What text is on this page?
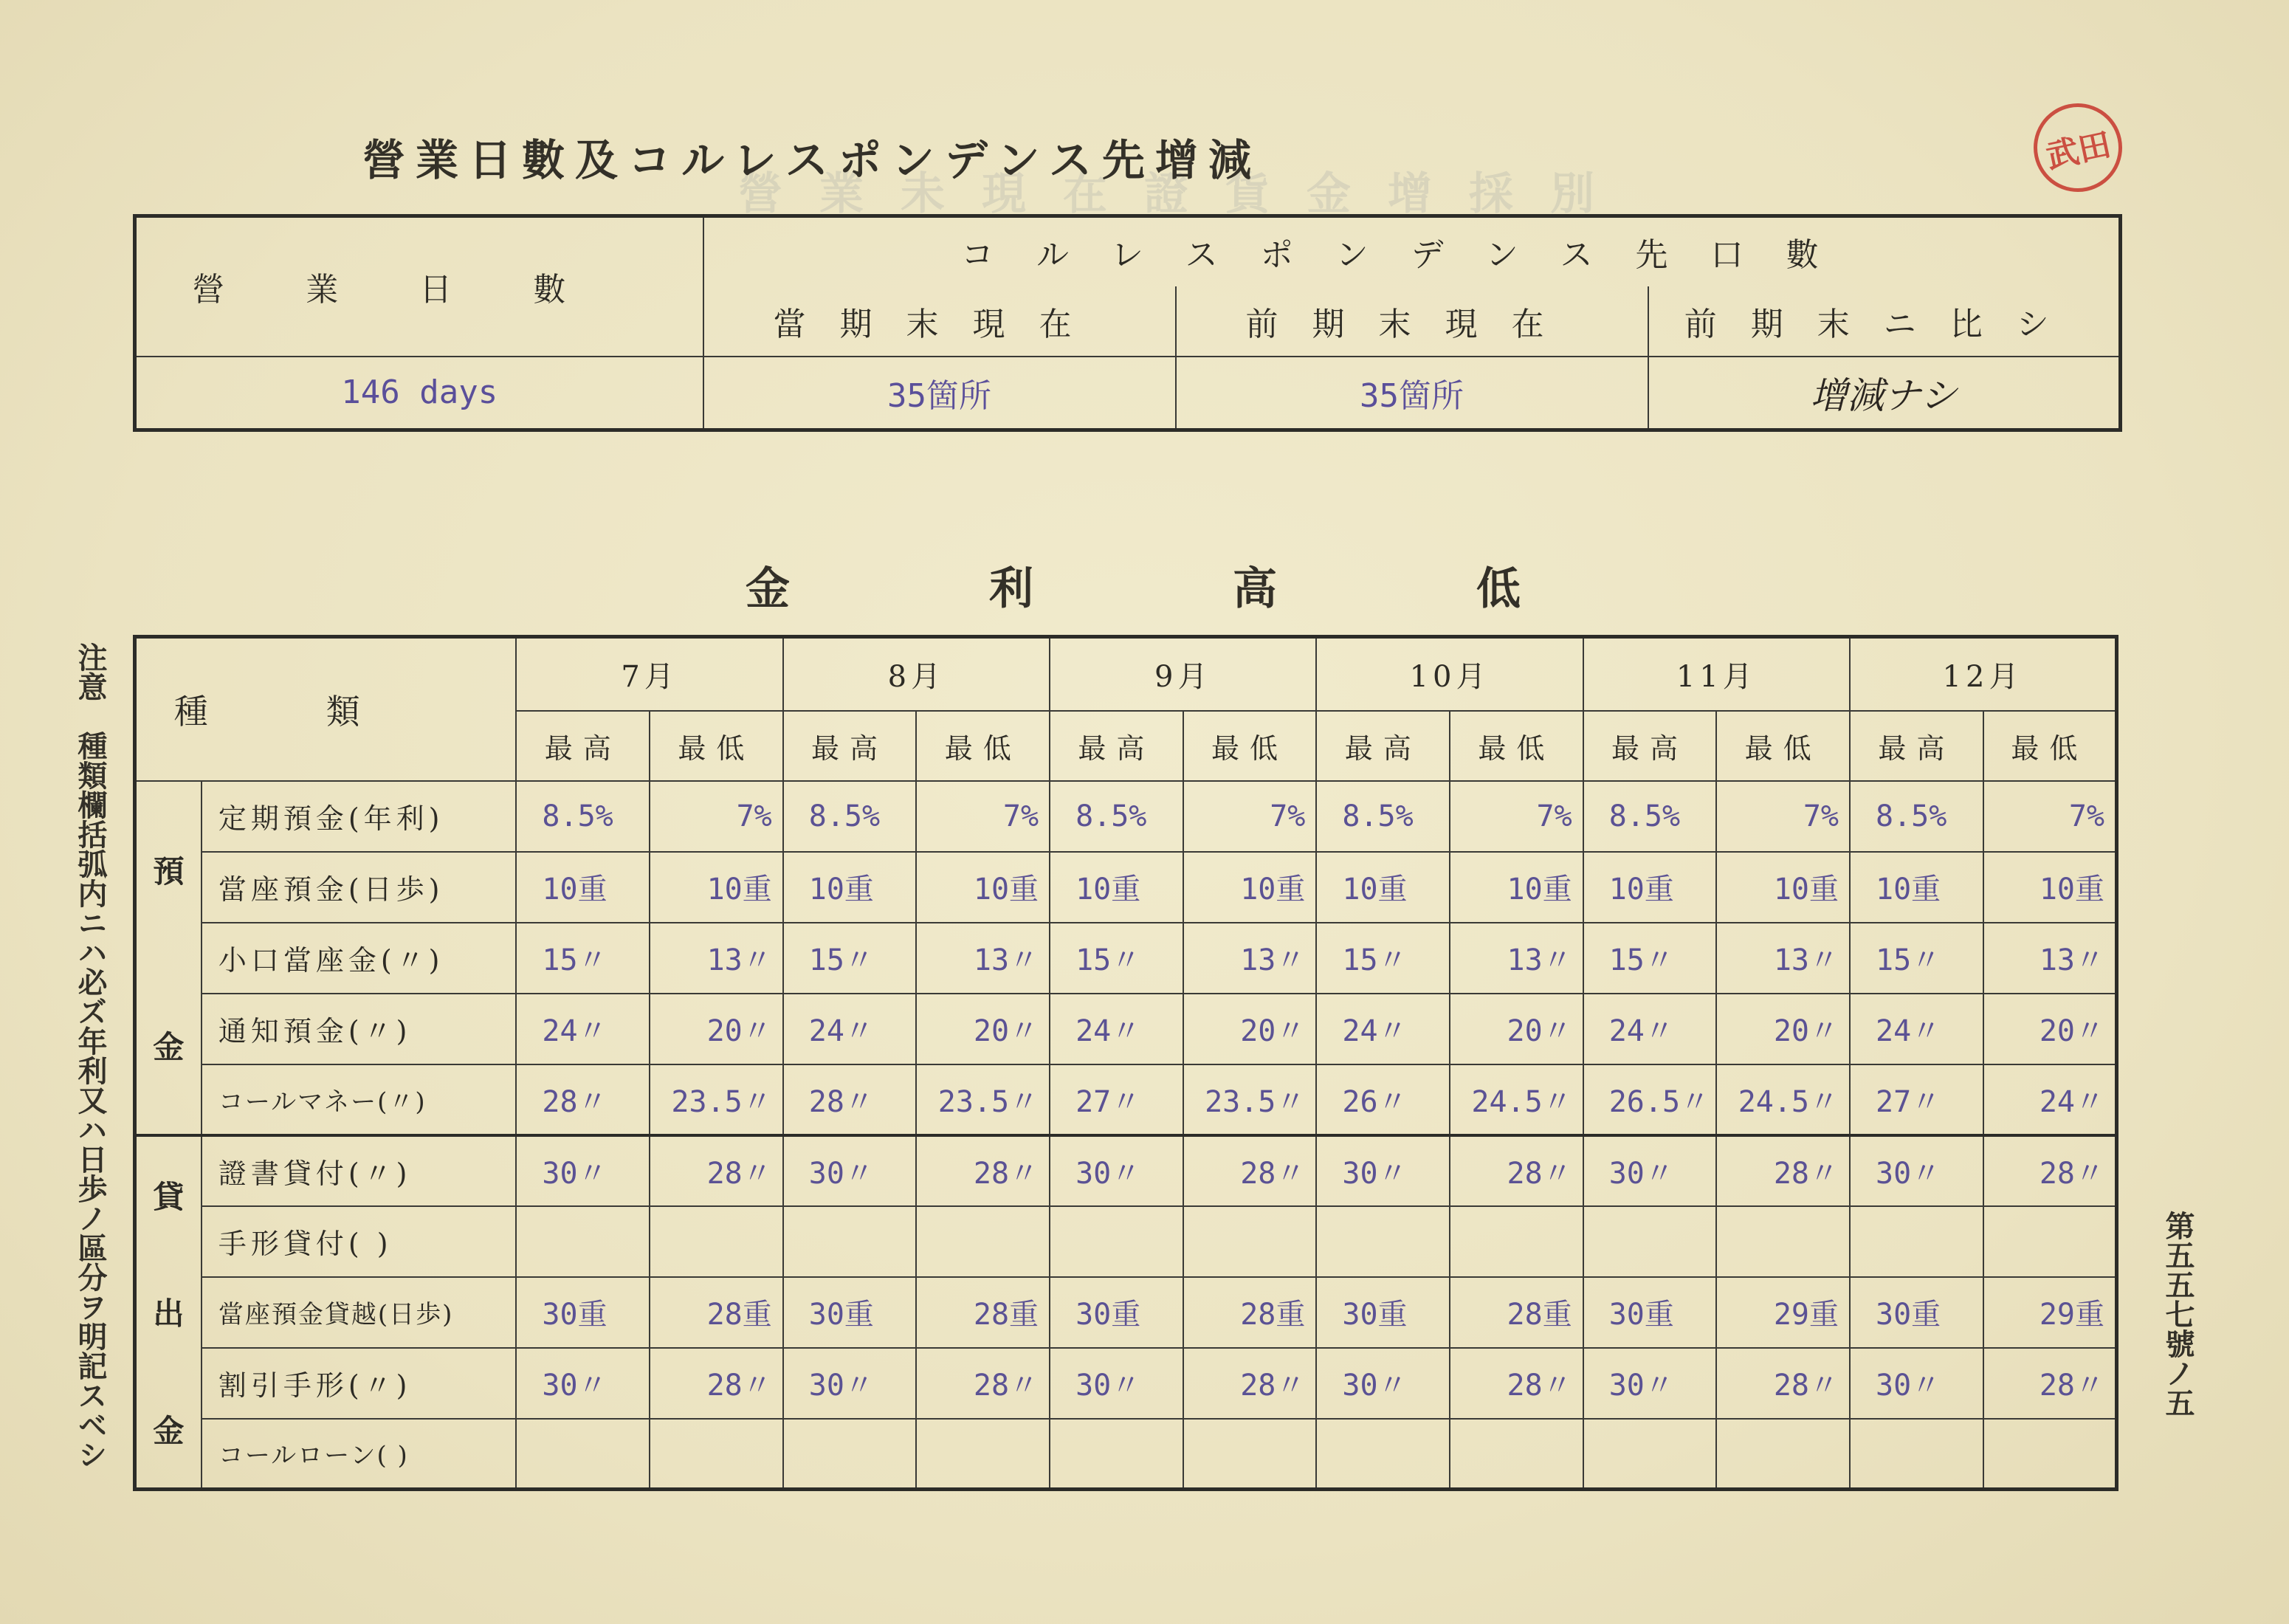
營業未現在證貨金增採別
武田
營業日數及コルレスポンデンス先增減
營業日數	コルレスポンデンス先口數		
	當期末現在	前期末現在	前期末ニ比シ
146 days	35箇所	35箇所	增減ナシ
金	利	高	低
種類		7月		8月		9月		10月		11月		12月	
		最高	最低	最高	最低	最高	最低	最高	最低	最高	最低	最高	最低

預
金	定期預金(年利)	8.5%	7%	8.5%	7%	8.5%	7%	8.5%	7%	8.5%	7%	8.5%	7%
	當座預金(日歩)	10重	10重	10重	10重	10重	10重	10重	10重	10重	10重	10重	10重
	小口當座金(〃)	15〃	13〃	15〃	13〃	15〃	13〃	15〃	13〃	15〃	13〃	15〃	13〃
	通知預金(〃)	24〃	20〃	24〃	20〃	24〃	20〃	24〃	20〃	24〃	20〃	24〃	20〃
	コールマネー(〃)	28〃	23.5〃	28〃	23.5〃	27〃	23.5〃	26〃	24.5〃	26.5〃	24.5〃	27〃	24〃

貸
出
金	證書貸付(〃)	30〃	28〃	30〃	28〃	30〃	28〃	30〃	28〃	30〃	28〃	30〃	28〃
	手形貸付( )												
	當座預金貸越(日歩)	30重	28重	30重	28重	30重	28重	30重	28重	30重	29重	30重	29重
	割引手形(〃)	30〃	28〃	30〃	28〃	30〃	28〃	30〃	28〃	30〃	28〃	30〃	28〃
	コールローン( )												
注意　種類欄括弧内ニハ必ズ年利又ハ日歩ノ區分ヲ明記スベシ	第五五七號ノ五
